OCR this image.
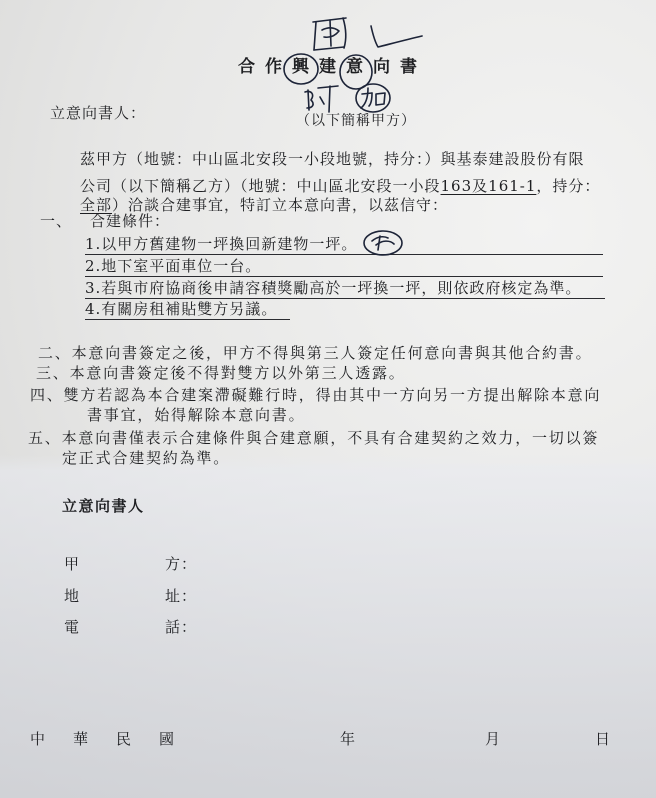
合作興建意向書
立意向書人：	（以下簡稱甲方）
茲甲方（地號：中山區北安段一小段地號，持分：）與基泰建設股份有限
公司（以下簡稱乙方）（地號：中山區北安段一小段163及161-1，持分：
全部）洽談合建事宜，特訂立本意向書，以茲信守：
一、 合建條件：
1.以甲方舊建物一坪換回新建物一坪。
2.地下室平面車位一台。
3.若與市府協商後申請容積獎勵高於一坪換一坪，則依政府核定為準。
4.有關房租補貼雙方另議。
二、本意向書簽定之後，甲方不得與第三人簽定任何意向書與其他合約書。
三、本意向書簽定後不得對雙方以外第三人透露。
四、雙方若認為本合建案滯礙難行時，得由其中一方向另一方提出解除本意向
書事宜，始得解除本意向書。
五、本意向書僅表示合建條件與合建意願，不具有合建契約之效力，一切以簽
定正式合建契約為準。
立意向書人
甲	方：
地	址：
電	話：
中華民國	年	月	日
